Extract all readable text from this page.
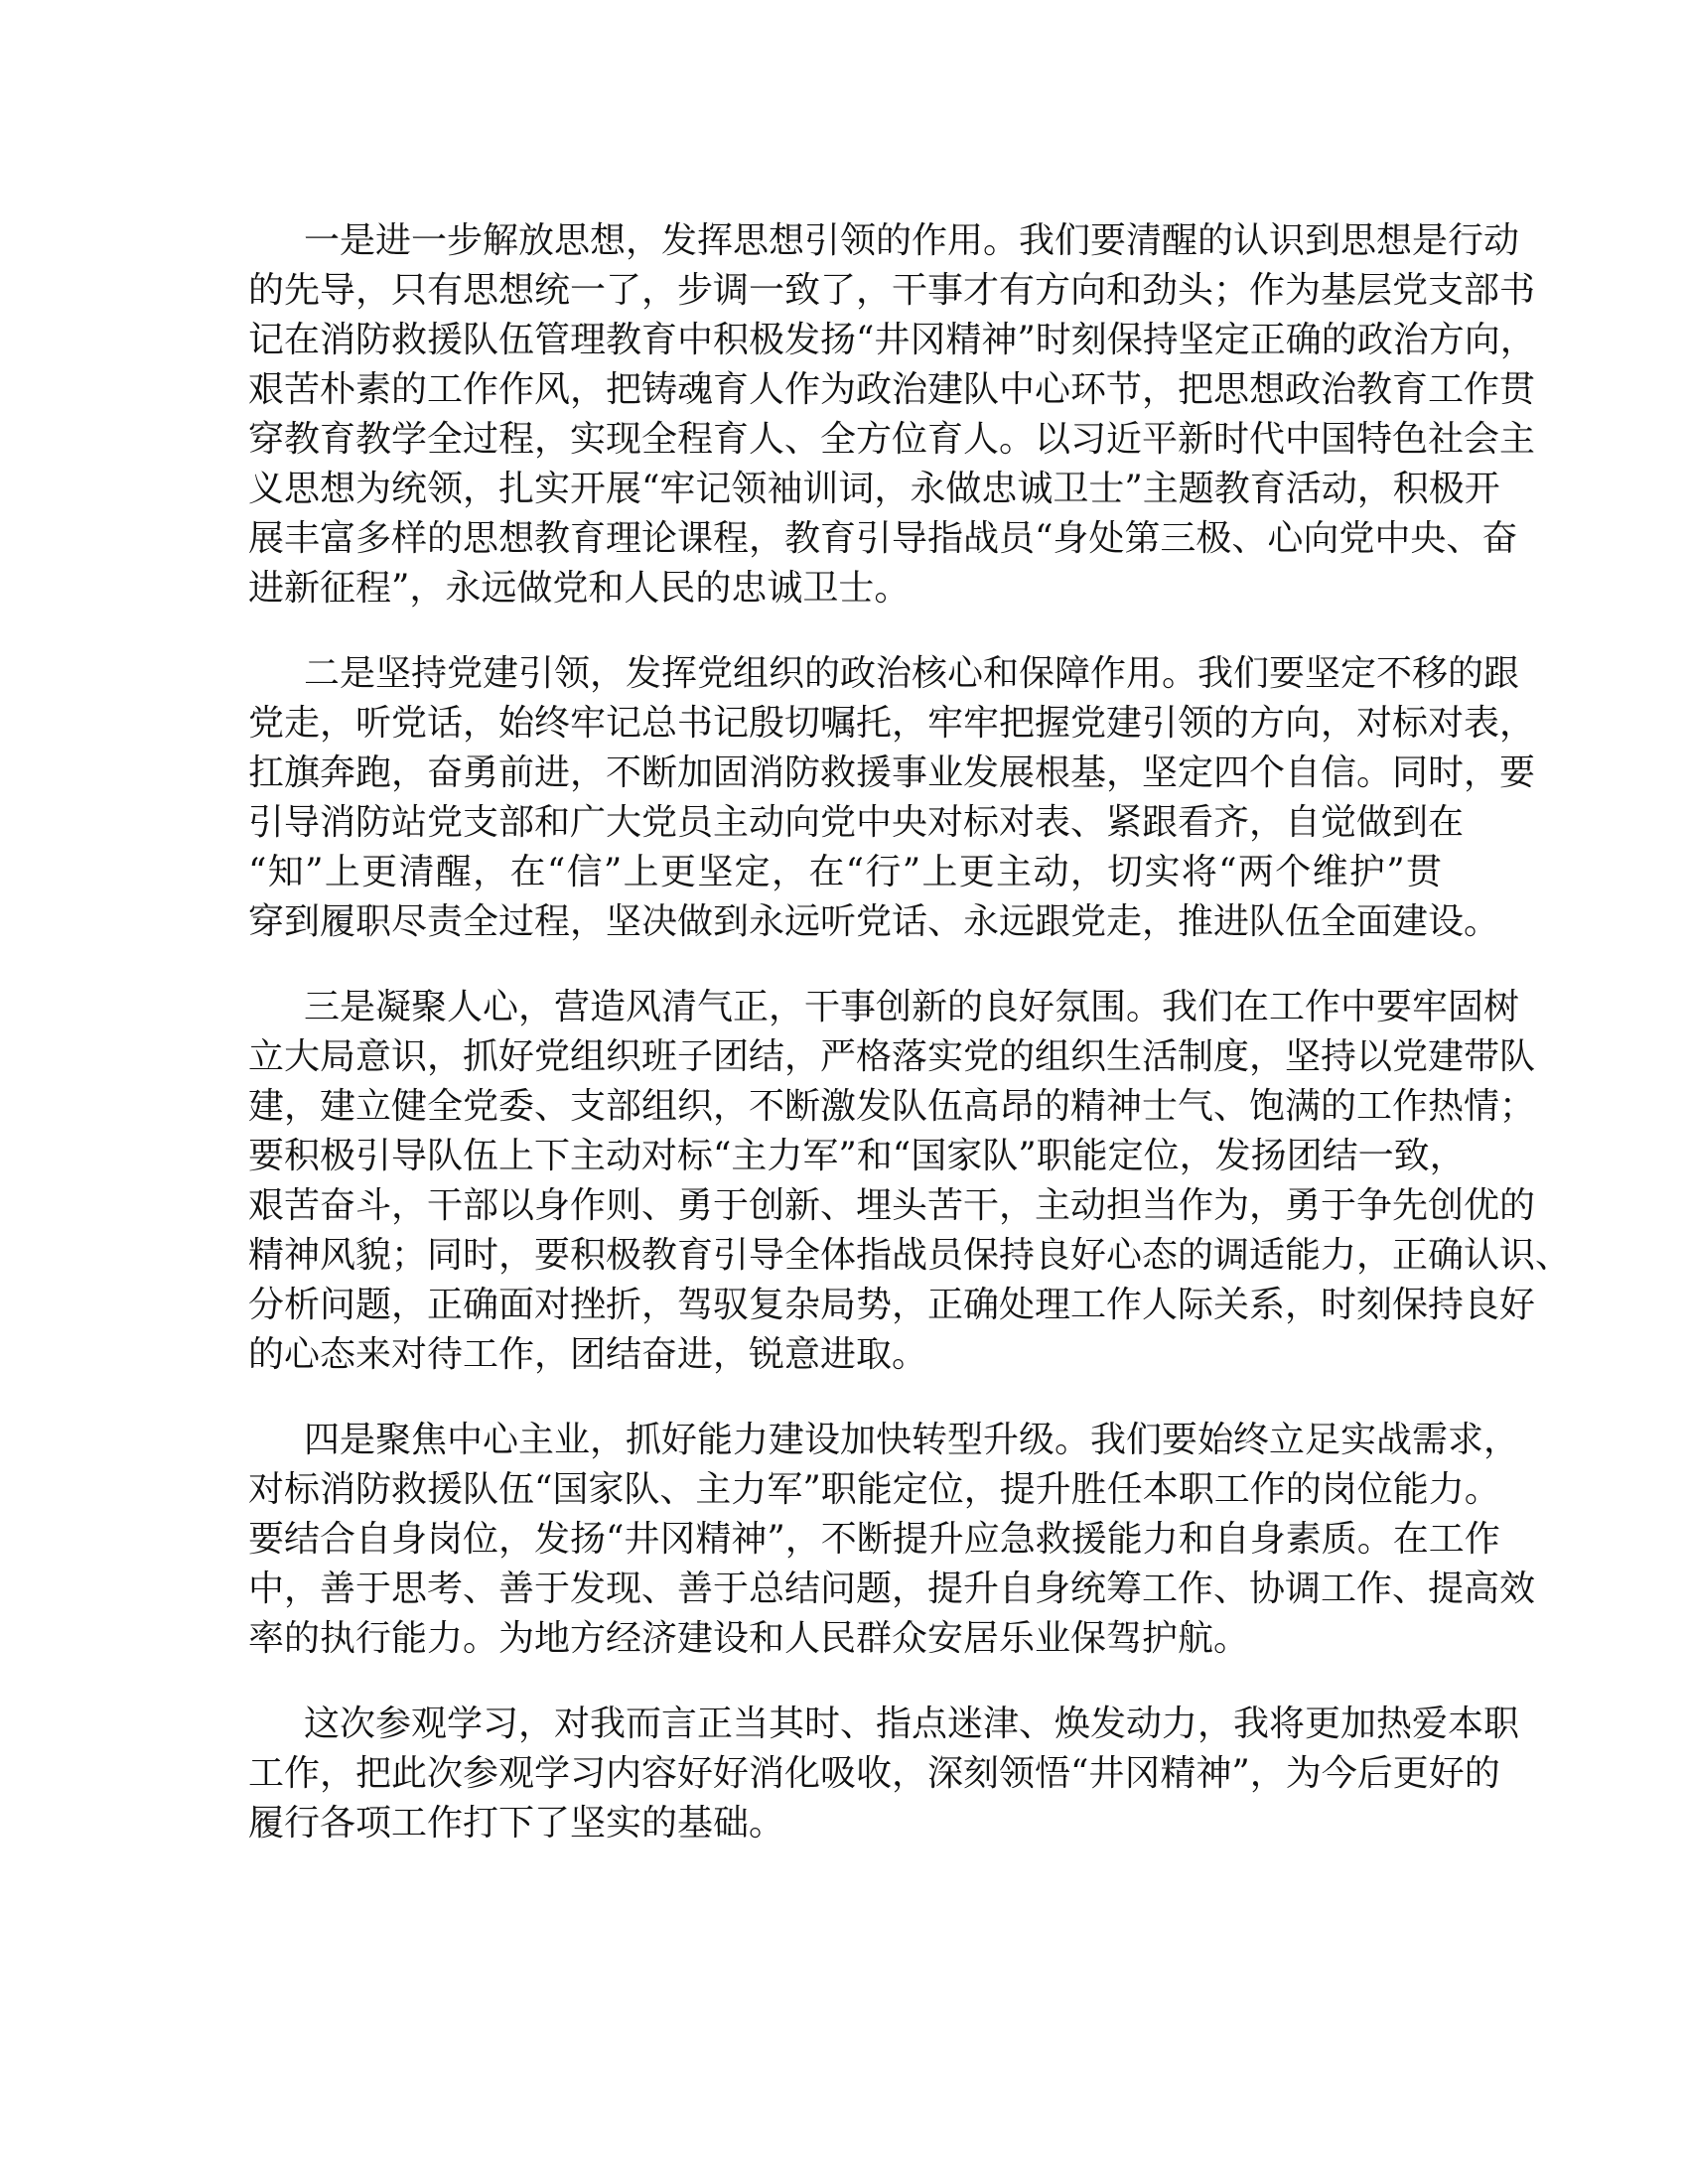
一是进一步解放思想，发挥思想引领的作用。我们要清醒的认识到思想是行动
的先导，只有思想统一了，步调一致了，干事才有方向和劲头；作为基层党支部书
记在消防救援队伍管理教育中积极发扬“井冈精神”时刻保持坚定正确的政治方向，
艰苦朴素的工作作风，把铸魂育人作为政治建队中心环节，把思想政治教育工作贯
穿教育教学全过程，实现全程育人、全方位育人。以习近平新时代中国特色社会主
义思想为统领，扎实开展“牢记领袖训词，永做忠诚卫士”主题教育活动，积极开
展丰富多样的思想教育理论课程，教育引导指战员“身处第三极、心向党中央、奋
进新征程”，永远做党和人民的忠诚卫士。
二是坚持党建引领，发挥党组织的政治核心和保障作用。我们要坚定不移的跟
党走，听党话，始终牢记总书记殷切嘱托，牢牢把握党建引领的方向，对标对表，
扛旗奔跑，奋勇前进，不断加固消防救援事业发展根基，坚定四个自信。同时，要
引导消防站党支部和广大党员主动向党中央对标对表、紧跟看齐，自觉做到在
“知”上更清醒，在“信”上更坚定，在“行”上更主动，切实将“两个维护”贯
穿到履职尽责全过程，坚决做到永远听党话、永远跟党走，推进队伍全面建设。
三是凝聚人心，营造风清气正，干事创新的良好氛围。我们在工作中要牢固树
立大局意识，抓好党组织班子团结，严格落实党的组织生活制度，坚持以党建带队
建，建立健全党委、支部组织，不断激发队伍高昂的精神士气、饱满的工作热情；
要积极引导队伍上下主动对标“主力军”和“国家队”职能定位，发扬团结一致，
艰苦奋斗，干部以身作则、勇于创新、埋头苦干，主动担当作为，勇于争先创优的
精神风貌；同时，要积极教育引导全体指战员保持良好心态的调适能力，正确认识、
分析问题，正确面对挫折，驾驭复杂局势，正确处理工作人际关系，时刻保持良好
的心态来对待工作，团结奋进，锐意进取。
四是聚焦中心主业，抓好能力建设加快转型升级。我们要始终立足实战需求，
对标消防救援队伍“国家队、主力军”职能定位，提升胜任本职工作的岗位能力。
要结合自身岗位，发扬“井冈精神”，不断提升应急救援能力和自身素质。在工作
中，善于思考、善于发现、善于总结问题，提升自身统筹工作、协调工作、提高效
率的执行能力。为地方经济建设和人民群众安居乐业保驾护航。
这次参观学习，对我而言正当其时、指点迷津、焕发动力，我将更加热爱本职
工作，把此次参观学习内容好好消化吸收，深刻领悟“井冈精神”，为今后更好的
履行各项工作打下了坚实的基础。
